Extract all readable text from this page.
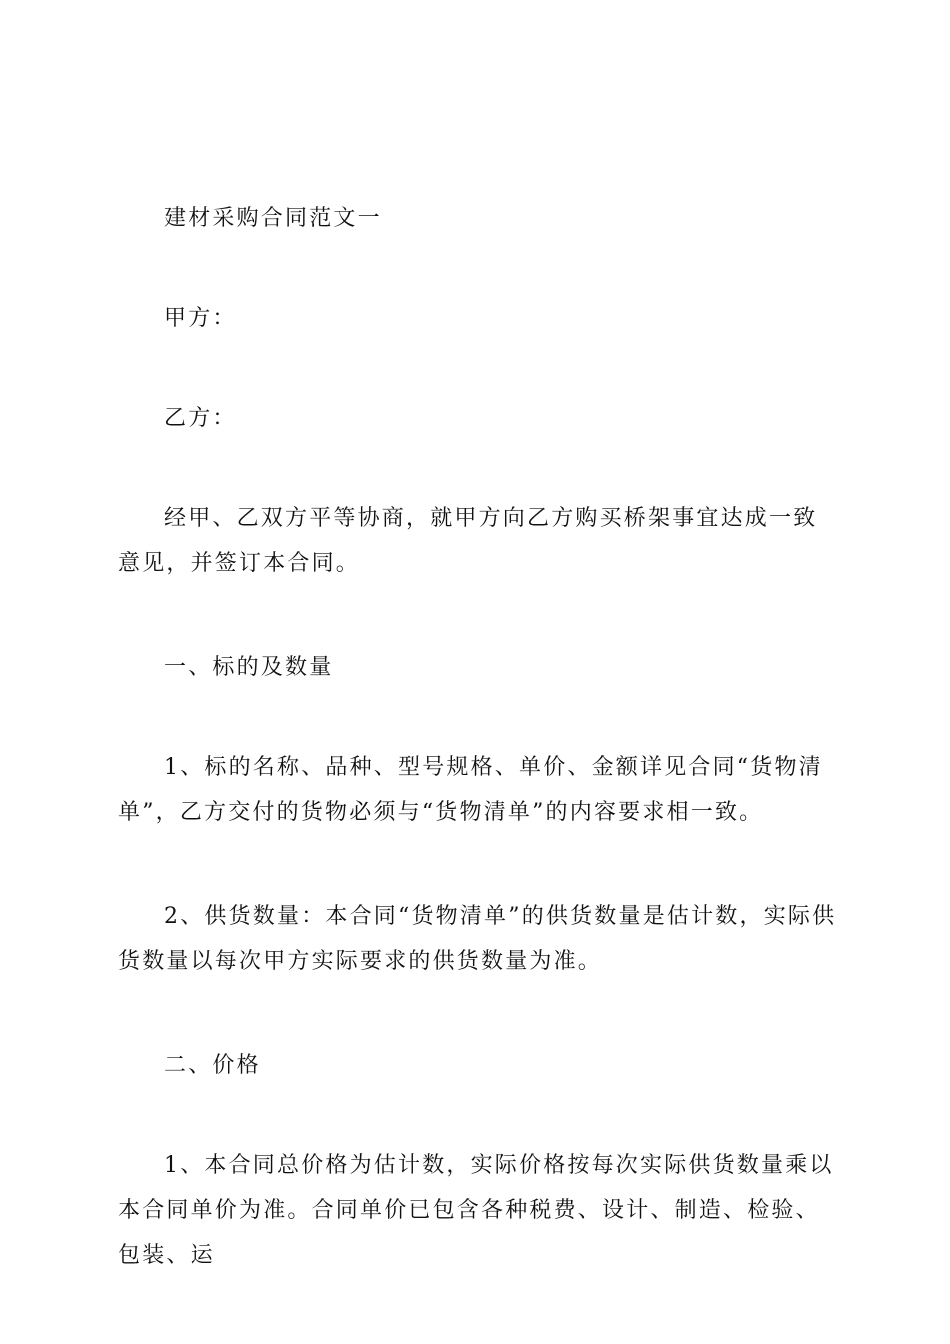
建材采购合同范文一

甲方：

乙方：

经甲、乙双方平等协商，就甲方向乙方购买桥架事宜达成一致意见，并签订本合同。

一、标的及数量

1、标的名称、品种、型号规格、单价、金额详见合同“货物清单”，乙方交付的货物必须与“货物清单”的内容要求相一致。

2、供货数量：本合同“货物清单”的供货数量是估计数，实际供货数量以每次甲方实际要求的供货数量为准。

二、价格

1、本合同总价格为估计数，实际价格按每次实际供货数量乘以本合同单价为准。合同单价已包含各种税费、设计、制造、检验、包装、运
